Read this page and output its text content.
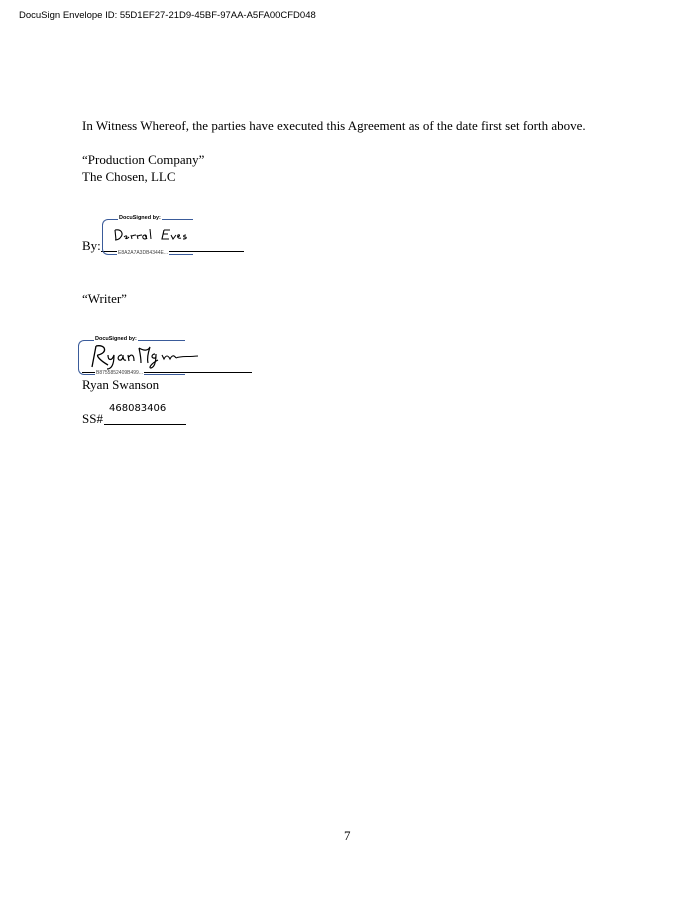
DocuSign Envelope ID: 55D1EF27-21D9-45BF-97AA-A5FA00CFD048
In Witness Whereof, the parties have executed this Agreement as of the date first set forth above.
“Production Company”
The Chosen, LLC
By:
DocuSigned by:
E8A2A7A3DB4344E...
“Writer”
DocuSigned by:
B8755852409B499...
Ryan Swanson
468083406
SS#
7
